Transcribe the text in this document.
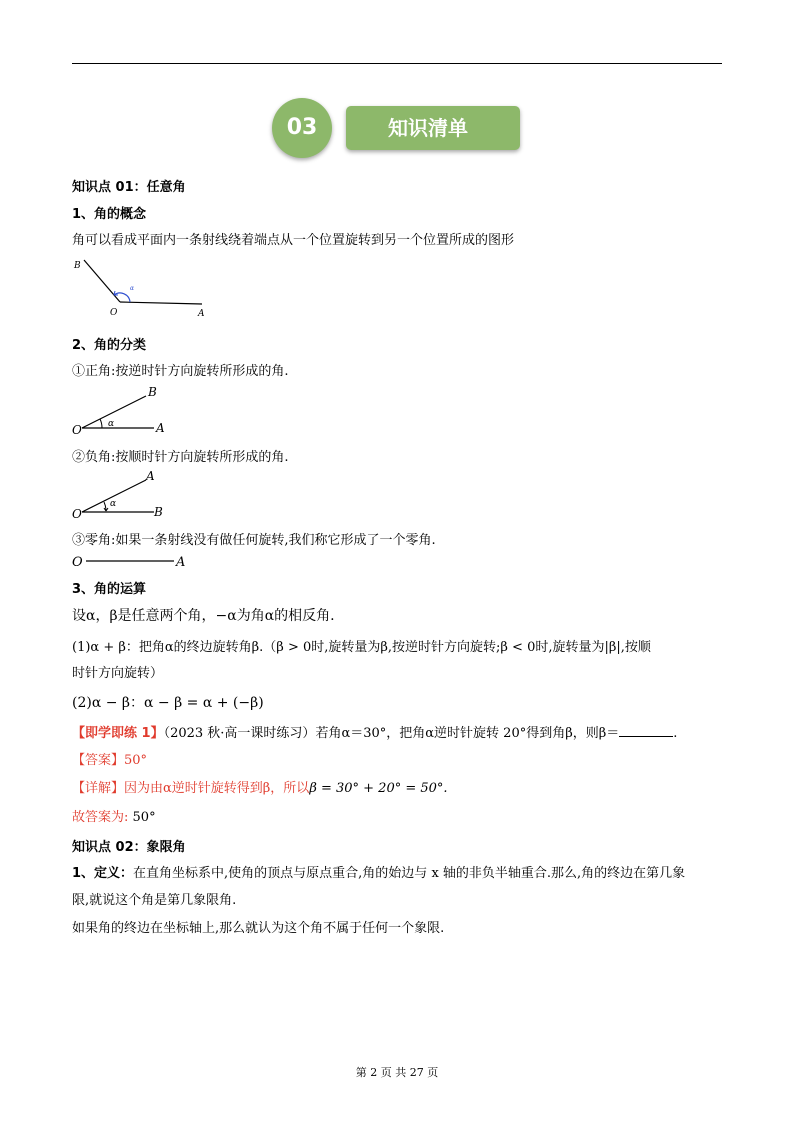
03	知识清单
知识点 01：任意角
1、角的概念
角可以看成平面内一条射线绕着端点从一个位置旋转到另一个位置所成的图形
B
O	A
α
2、角的分类
①正角:按逆时针方向旋转所形成的角.
B
O	A
α
②负角:按顺时针方向旋转所形成的角.
A
O	B
α
③零角:如果一条射线没有做任何旋转,我们称它形成了一个零角.
O	A
3、角的运算
设α，β是任意两个角，−α为角α的相反角.
(1)α + β：把角α的终边旋转角β.（β > 0时,旋转量为β,按逆时针方向旋转;β < 0时,旋转量为|β|,按顺
时针方向旋转）
(2)α − β：α − β = α + (−β)
【即学即练 1】（2023 秋·高一课时练习）若角α＝30°，把角α逆时针旋转 20°得到角β，则β＝	.
【答案】50°
【详解】因为由α逆时针旋转得到β，所以β = 30° + 20° = 50°.
故答案为: 50°
知识点 02：象限角
1、定义：在直角坐标系中,使角的顶点与原点重合,角的始边与 x 轴的非负半轴重合.那么,角的终边在第几象
限,就说这个角是第几象限角.
如果角的终边在坐标轴上,那么就认为这个角不属于任何一个象限.
第 2 页 共 27 页
